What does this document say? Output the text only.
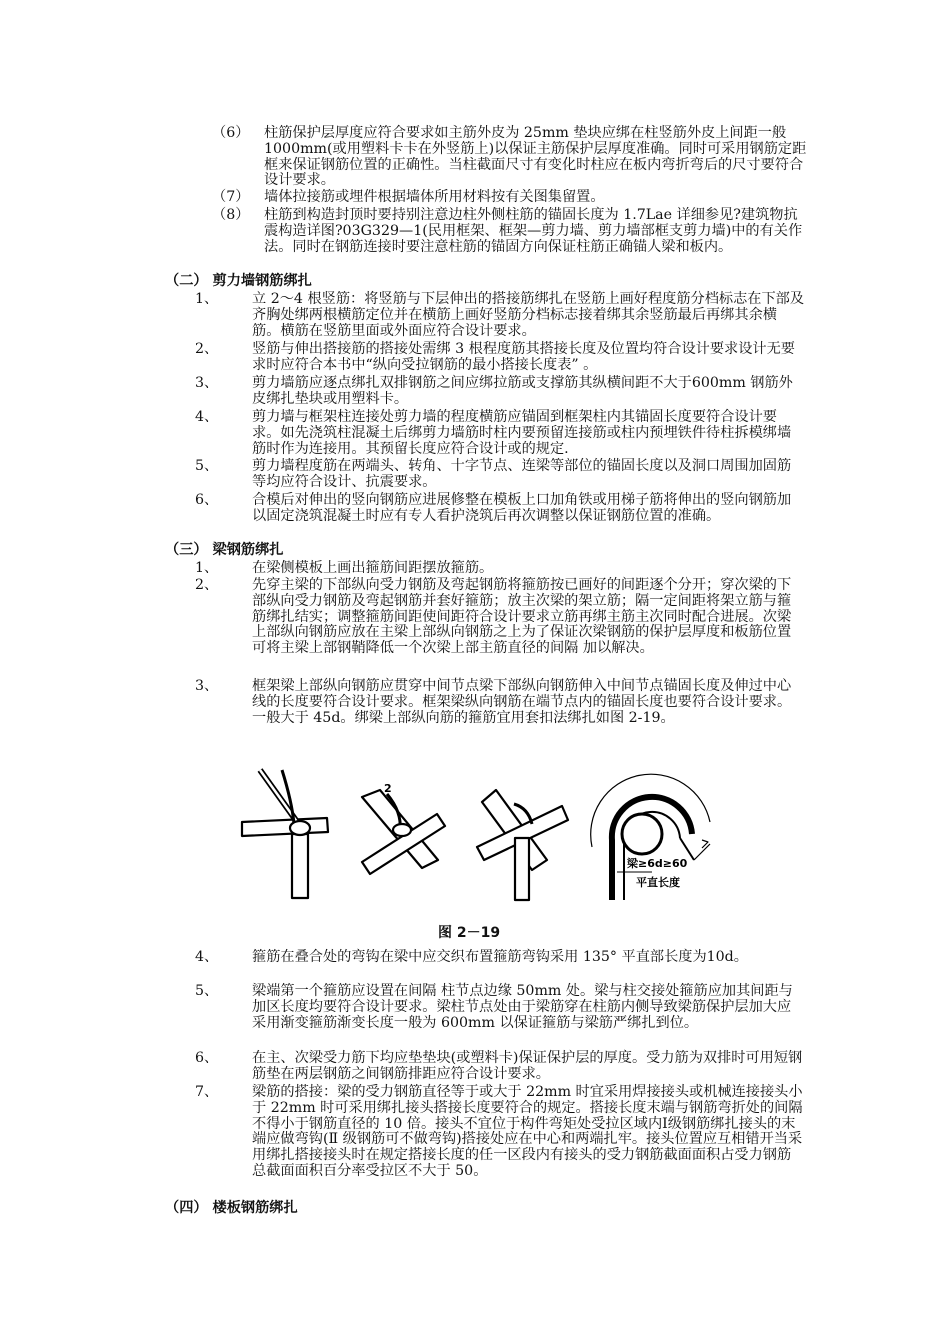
（6） 柱筋保护层厚度应符合要求如主筋外皮为 25mm 垫块应绑在柱竖筋外皮上间距一般 1000mm(或用塑料卡卡在外竖筋上)以保证主筋保护层厚度准确。同时可采用钢筋定距框来保证钢筋位置的正确性。当柱截面尺寸有变化时柱应在板内弯折弯后的尺寸要符合设计要求。
（7） 墙体拉接筋或埋件根据墙体所用材料按有关图集留置。
（8） 柱筋到构造封顶时要持别注意边柱外侧柱筋的锚固长度为 1.7Lae 详细参见?建筑物抗震构造详图?03G329—1(民用框架、框架—剪力墙、剪力墙部框支剪力墙)中的有关作法。同时在钢筋连接时要注意柱筋的锚固方向保证柱筋正确锚人梁和板内。
（二） 剪力墙钢筋绑扎
1、 立 2～4 根竖筋：将竖筋与下层伸出的搭接筋绑扎在竖筋上画好程度筋分档标志在下部及齐胸处绑两根横筋定位并在横筋上画好竖筋分档标志接着绑其余竖筋最后再绑其余横筋。横筋在竖筋里面或外面应符合设计要求。
2、 竖筋与伸出搭接筋的搭接处需绑 3 根程度筋其搭接长度及位置均符合设计要求设计无要求时应符合本书中“纵向受拉钢筋的最小搭接长度表” 。
3、 剪力墙筋应逐点绑扎双排钢筋之间应绑拉筋或支撑筋其纵横间距不大于600mm 钢筋外皮绑扎垫块或用塑料卡。
4、 剪力墙与框架柱连接处剪力墙的程度横筋应锚固到框架柱内其锚固长度要符合设计要求。如先浇筑柱混凝土后绑剪力墙筋时柱内要预留连接筋或柱内预埋铁件待柱拆模绑墙筋时作为连接用。其预留长度应符合设计或的规定.
5、 剪力墙程度筋在两端头、转角、十字节点、连梁等部位的锚固长度以及洞口周围加固筋等均应符合设计、抗震要求。
6、 合模后对伸出的竖向钢筋应进展修整在模板上口加角铁或用梯子筋将伸出的竖向钢筋加以固定浇筑混凝土时应有专人看护浇筑后再次调整以保证钢筋位置的准确。
（三） 梁钢筋绑扎
1、 在梁侧模板上画出箍筋间距摆放箍筋。
2、 先穿主梁的下部纵向受力钢筋及弯起钢筋将箍筋按已画好的间距逐个分开；穿次梁的下部纵向受力钢筋及弯起钢筋并套好箍筋；放主次梁的架立筋；隔一定间距将架立筋与箍筋绑扎结实；调整箍筋间距使间距符合设计要求立筋再绑主筋主次同时配合进展。次梁上部纵向钢筋应放在主梁上部纵向钢筋之上为了保证次梁钢筋的保护层厚度和板筋位置可将主梁上部钢鞘降低一个次梁上部主筋直径的间隔 加以解决。
3、 框架梁上部纵向钢筋应贯穿中间节点梁下部纵向钢筋伸入中间节点锚固长度及伸过中心线的长度要符合设计要求。框架梁纵向钢筋在端节点内的锚固长度也要符合设计要求。一般大于 45d。绑梁上部纵向筋的箍筋宜用套扣法绑扎如图 2-19。
2
梁≥6d≥60
平直长度
图 2－19
4、 箍筋在叠合处的弯钩在梁中应交织布置箍筋弯钩采用 135° 平直部长度为10d。
5、 梁端第一个箍筋应设置在间隔 柱节点边缘 50mm 处。梁与柱交接处箍筋应加其间距与加区长度均要符合设计要求。梁柱节点处由于梁筋穿在柱筋内侧导致梁筋保护层加大应采用渐变箍筋渐变长度一般为 600mm 以保证箍筋与梁筋严绑扎到位。
6、 在主、次梁受力筋下均应垫垫块(或塑料卡)保证保护层的厚度。受力筋为双排时可用短钢筋垫在两层钢筋之间钢筋排距应符合设计要求。
7、 梁筋的搭接：梁的受力钢筋直径等于或大于 22mm 时宜采用焊接接头或机械连接接头小于 22mm 时可采用绑扎接头搭接长度要符合的规定。搭接长度末端与钢筋弯折处的间隔 不得小于钢筋直径的 10 倍。接头不宜位于构件弯矩处受拉区域内Ⅰ级钢筋绑扎接头的末端应做弯钩(Ⅱ 级钢筋可不做弯钩)搭接处应在中心和两端扎牢。接头位置应互相错开当采用绑扎搭接接头时在规定搭接长度的任一区段内有接头的受力钢筋截面面积占受力钢筋总截面面积百分率受拉区不大于 50。
（四） 楼板钢筋绑扎
